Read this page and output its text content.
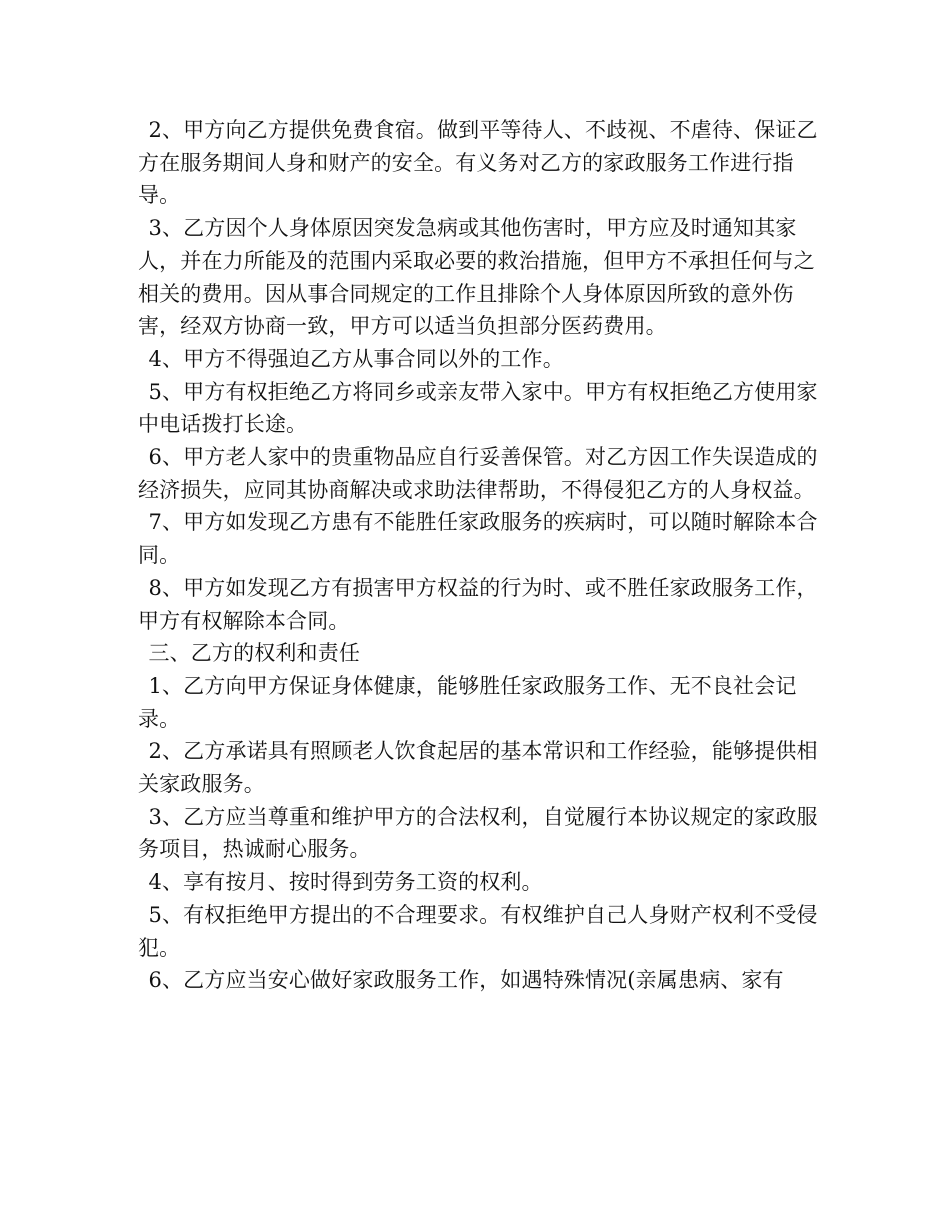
2、甲方向乙方提供免费食宿。做到平等待人、不歧视、不虐待、保证乙方在服务期间人身和财产的安全。有义务对乙方的家政服务工作进行指导。

3、乙方因个人身体原因突发急病或其他伤害时，甲方应及时通知其家人，并在力所能及的范围内采取必要的救治措施，但甲方不承担任何与之相关的费用。因从事合同规定的工作且排除个人身体原因所致的意外伤害，经双方协商一致，甲方可以适当负担部分医药费用。

4、甲方不得强迫乙方从事合同以外的工作。

5、甲方有权拒绝乙方将同乡或亲友带入家中。甲方有权拒绝乙方使用家中电话拨打长途。

6、甲方老人家中的贵重物品应自行妥善保管。对乙方因工作失误造成的经济损失，应同其协商解决或求助法律帮助，不得侵犯乙方的人身权益。

7、甲方如发现乙方患有不能胜任家政服务的疾病时，可以随时解除本合同。

8、甲方如发现乙方有损害甲方权益的行为时、或不胜任家政服务工作，甲方有权解除本合同。

三、乙方的权利和责任

1、乙方向甲方保证身体健康，能够胜任家政服务工作、无不良社会记录。

2、乙方承诺具有照顾老人饮食起居的基本常识和工作经验，能够提供相关家政服务。

3、乙方应当尊重和维护甲方的合法权利，自觉履行本协议规定的家政服务项目，热诚耐心服务。

4、享有按月、按时得到劳务工资的权利。

5、有权拒绝甲方提出的不合理要求。有权维护自己人身财产权利不受侵犯。

6、乙方应当安心做好家政服务工作，如遇特殊情况(亲属患病、家有
